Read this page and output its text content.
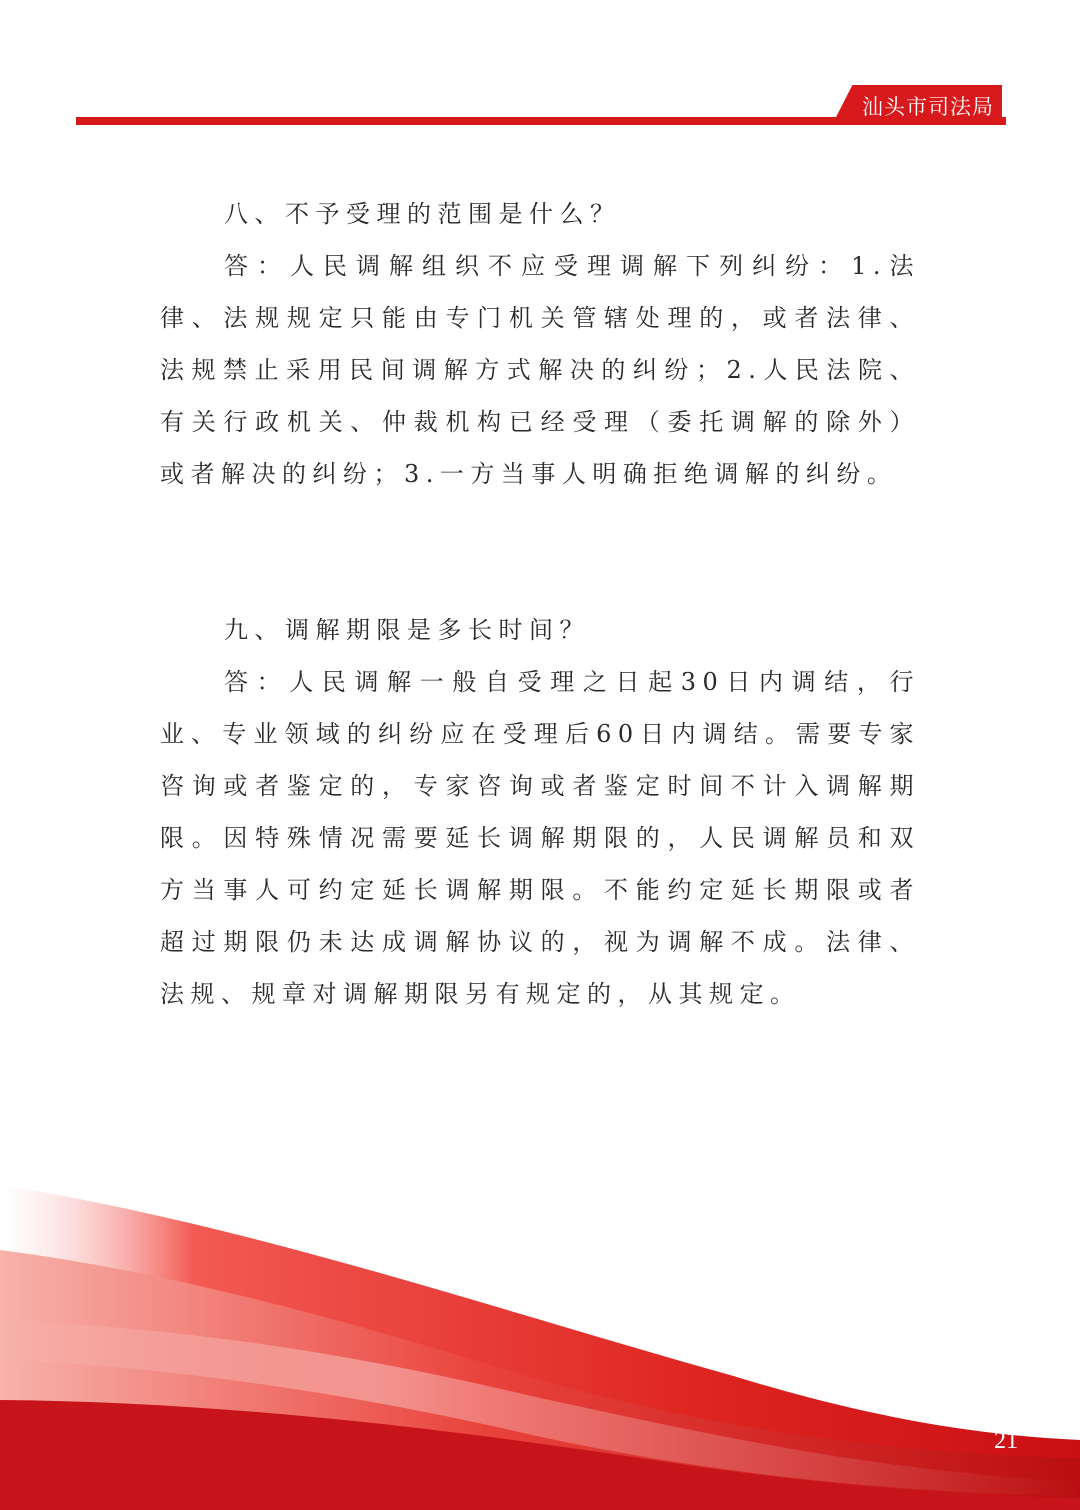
汕头市司法局

八、不予受理的范围是什么？

答：人民调解组织不应受理调解下列纠纷：1.法律、法规规定只能由专门机关管辖处理的，或者法律、法规禁止采用民间调解方式解决的纠纷；2.人民法院、有关行政机关、仲裁机构已经受理（委托调解的除外）或者解决的纠纷；3.一方当事人明确拒绝调解的纠纷。

九、调解期限是多长时间？

答：人民调解一般自受理之日起30日内调结，行业、专业领域的纠纷应在受理后60日内调结。需要专家咨询或者鉴定的，专家咨询或者鉴定时间不计入调解期限。因特殊情况需要延长调解期限的，人民调解员和双方当事人可约定延长调解期限。不能约定延长期限或者超过期限仍未达成调解协议的，视为调解不成。法律、法规、规章对调解期限另有规定的，从其规定。

21
